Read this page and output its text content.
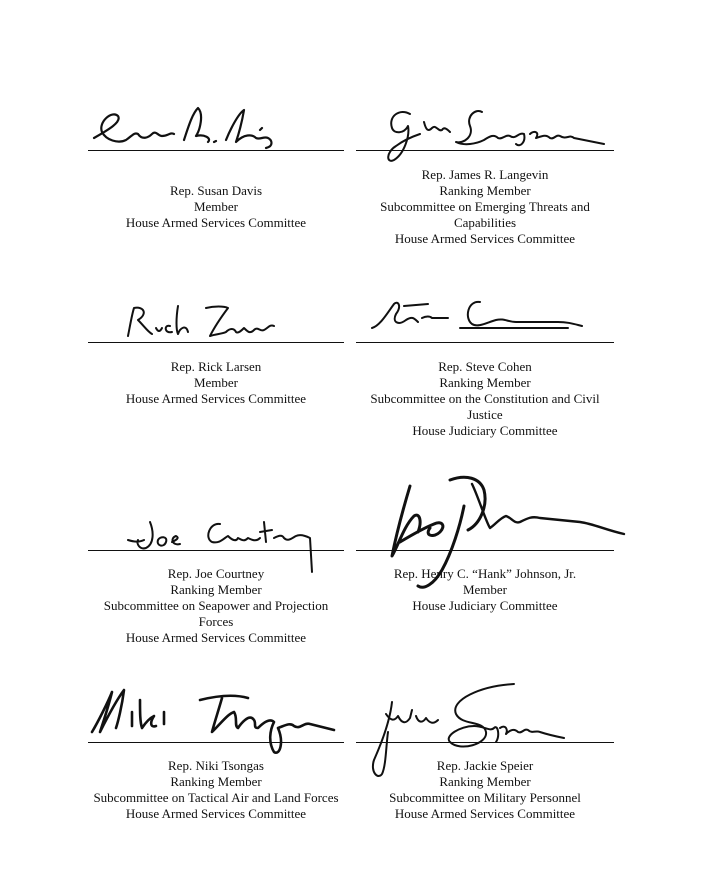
Rep. Susan Davis
Member
House Armed Services Committee
Rep. James R. Langevin
Ranking Member
Subcommittee on Emerging Threats and Capabilities
House Armed Services Committee
Rep. Rick Larsen
Member
House Armed Services Committee
Rep. Steve Cohen
Ranking Member
Subcommittee on the Constitution and Civil Justice
House Judiciary Committee
Rep. Joe Courtney
Ranking Member
Subcommittee on Seapower and Projection Forces
House Armed Services Committee
Rep. Henry C. “Hank” Johnson, Jr.
Member
House Judiciary Committee
Rep. Niki Tsongas
Ranking Member
Subcommittee on Tactical Air and Land Forces
House Armed Services Committee
Rep. Jackie Speier
Ranking Member
Subcommittee on Military Personnel
House Armed Services Committee
